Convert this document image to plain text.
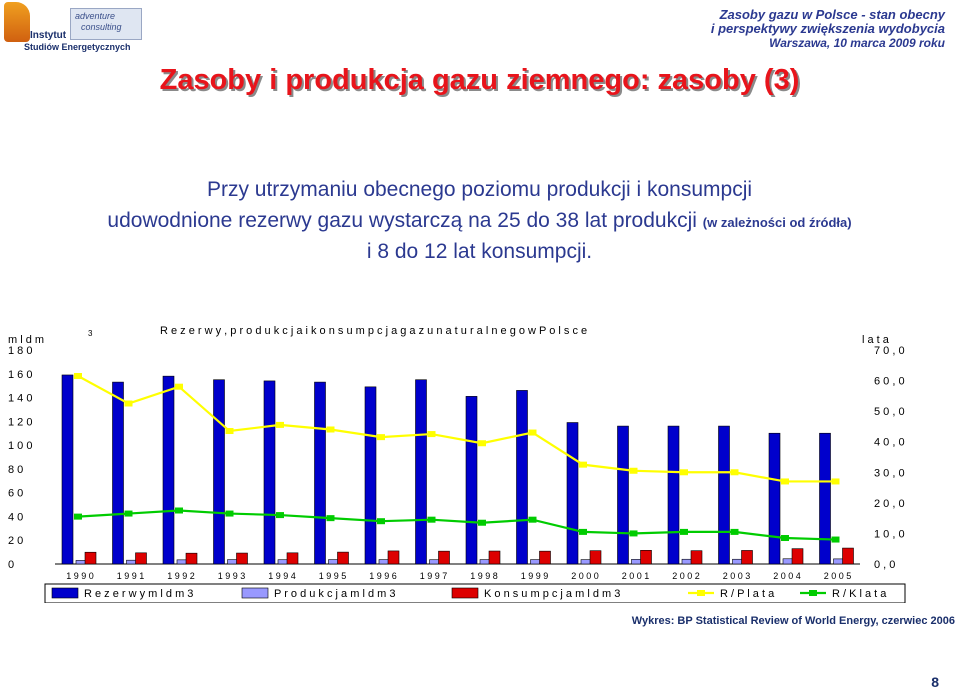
Instytut
Studiów Energetycznych
adventure
consulting
Zasoby gazu w Polsce - stan obecny
i perspektywy zwiększenia wydobycia
Warszawa, 10 marca 2009 roku
Zasoby i produkcja gazu ziemnego: zasoby (3)
Przy utrzymaniu obecnego poziomu produkcji i konsumpcji
udowodnione rezerwy gazu wystarczą na 25 do 38 lat produkcji (w zależności od źródła)
i 8 do 12 lat konsumpcji.
R e z e r w y , p r o d u k c j a i k o n s u m p c j a g a z u n a t u r a l n e g o w P o l s c e
m l d m
3
l a t a
0
2 0
4 0
6 0
8 0
1 0 0
1 2 0
1 4 0
1 6 0
1 8 0
0 , 0
1 0 , 0
2 0 , 0
3 0 , 0
4 0 , 0
5 0 , 0
6 0 , 0
7 0 , 0
1 9 9 0	1 9 9 1	1 9 9 2	1 9 9 3	1 9 9 4	1 9 9 5	1 9 9 6	1 9 9 7	1 9 9 8	1 9 9 9	2 0 0 0	2 0 0 1	2 0 0 2	2 0 0 3	2 0 0 4	2 0 0 5
R e z e r w y m l d m 3	P r o d u k c j a m l d m 3	K o n s u m p c j a m l d m 3	R / P l a t a	R / K l a t a
Wykres: BP Statistical Review of World Energy, czerwiec 2006
8
